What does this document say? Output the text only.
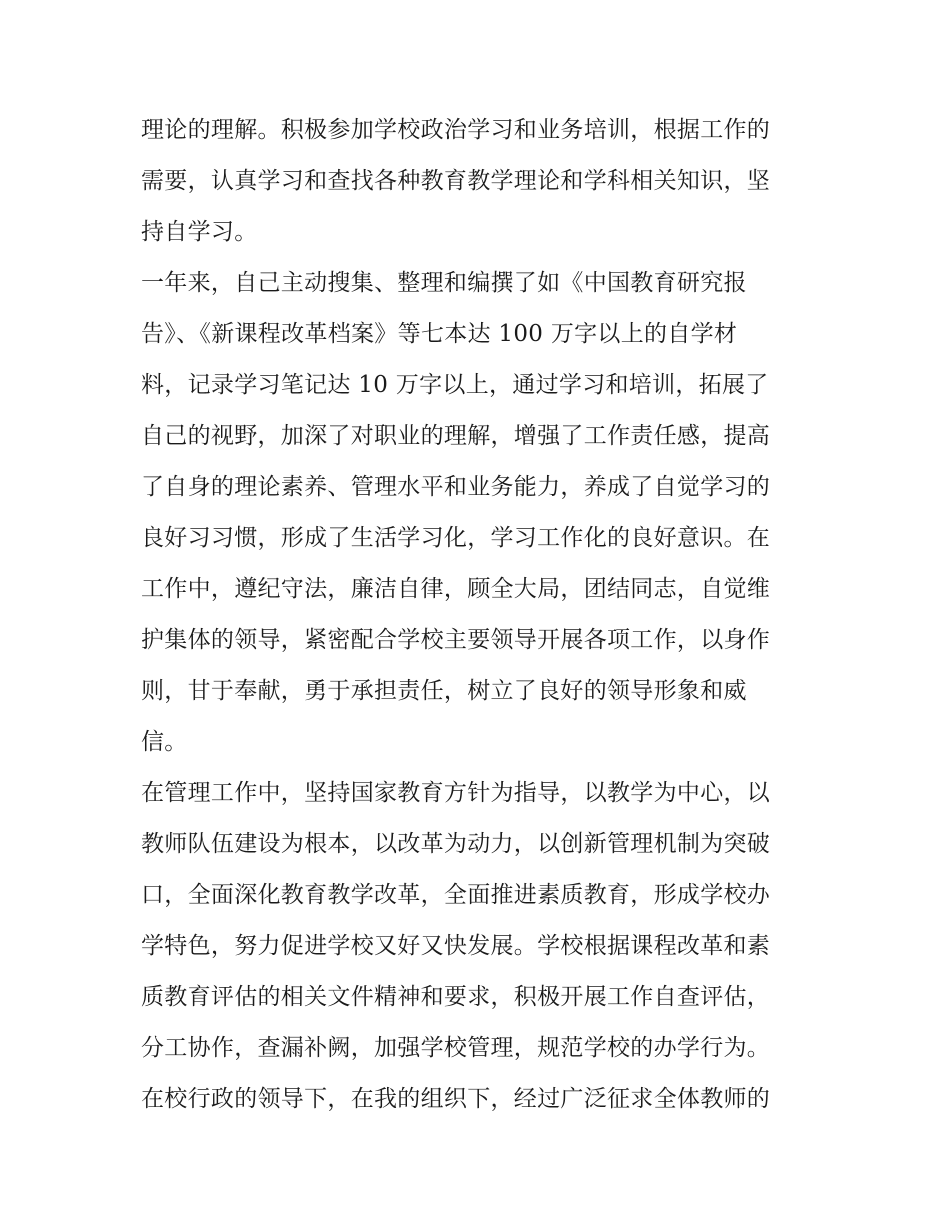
理论的理解。积极参加学校政治学习和业务培训，根据工作的
需要，认真学习和查找各种教育教学理论和学科相关知识，坚
持自学习。
一年来，自己主动搜集、整理和编撰了如《中国教育研究报
告》、《新课程改革档案》等七本达 100 万字以上的自学材
料，记录学习笔记达 10 万字以上，通过学习和培训，拓展了
自己的视野，加深了对职业的理解，增强了工作责任感，提高
了自身的理论素养、管理水平和业务能力，养成了自觉学习的
良好习习惯，形成了生活学习化，学习工作化的良好意识。在
工作中，遵纪守法，廉洁自律，顾全大局，团结同志，自觉维
护集体的领导，紧密配合学校主要领导开展各项工作，以身作
则，甘于奉献，勇于承担责任，树立了良好的领导形象和威
信。
在管理工作中，坚持国家教育方针为指导，以教学为中心，以
教师队伍建设为根本，以改革为动力，以创新管理机制为突破
口，全面深化教育教学改革，全面推进素质教育，形成学校办
学特色，努力促进学校又好又快发展。学校根据课程改革和素
质教育评估的相关文件精神和要求，积极开展工作自查评估，
分工协作，查漏补阙，加强学校管理，规范学校的办学行为。
在校行政的领导下，在我的组织下，经过广泛征求全体教师的
